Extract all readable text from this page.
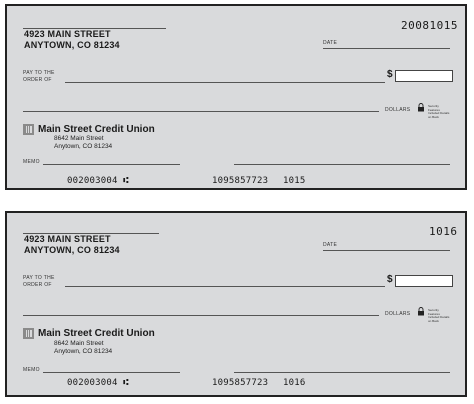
4923 MAIN STREET
ANYTOWN, CO 81234
20081015
DATE
PAY TO THE
ORDER OF	$
DOLLARS
Security Features Included Details on Back
Main Street Credit Union
8642 Main Street
Anytown, CO 81234
MEMO
002003004 ⑆	1095857723 1015
4923 MAIN STREET
ANYTOWN, CO 81234
1016
DATE
PAY TO THE
ORDER OF	$
DOLLARS
Security Features Included Details on Back
Main Street Credit Union
8642 Main Street
Anytown, CO 81234
MEMO
002003004 ⑆	1095857723 1016
